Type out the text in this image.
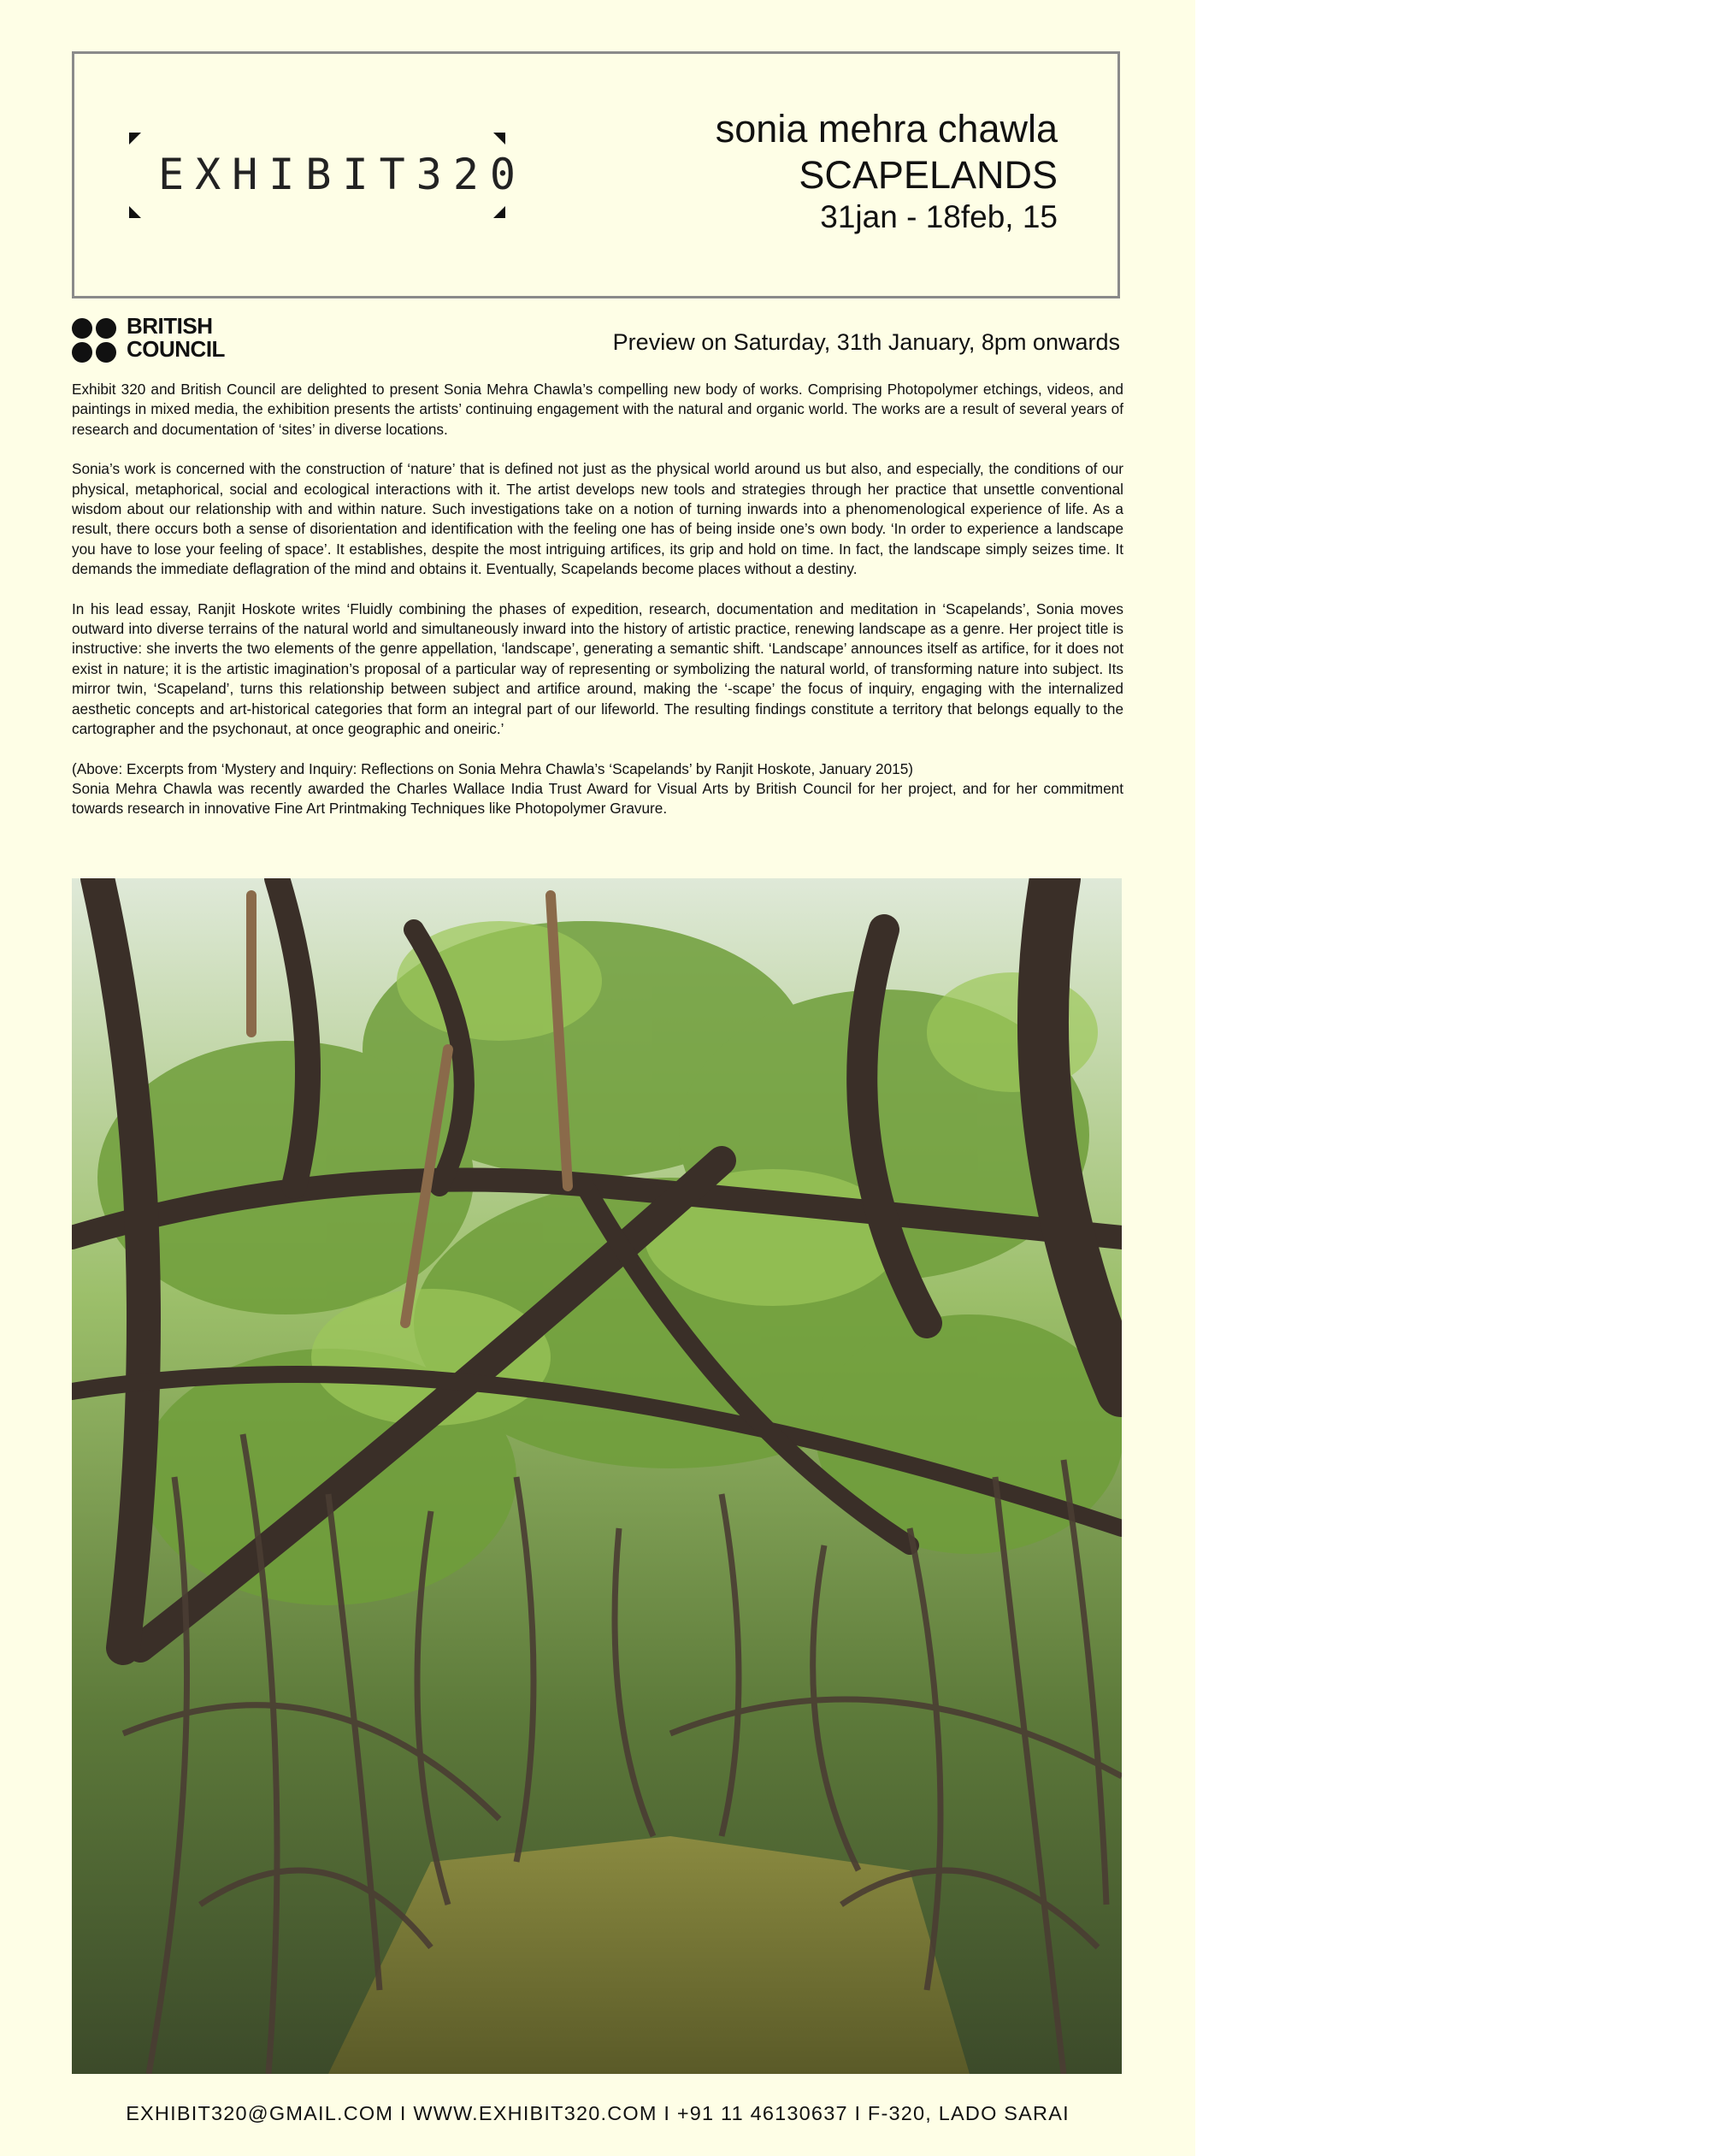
EXHIBIT320
sonia mehra chawla
SCAPELANDS
31jan - 18feb, 15
BRITISH
COUNCIL	Preview on Saturday, 31th January, 8pm onwards

Exhibit 320 and British Council are delighted to present Sonia Mehra Chawla’s compelling new body of works. Comprising Photopolymer etchings, videos, and paintings in mixed media, the exhibition presents the artists’ continuing engagement with the natural and organic world. The works are a result of several years of research and documentation of ‘sites’ in diverse locations.

Sonia’s work is concerned with the construction of ‘nature’ that is defined not just as the physical world around us but also, and especially, the conditions of our physical, metaphorical, social and ecological interactions with it. The artist develops new tools and strategies through her practice that unsettle conventional wisdom about our relationship with and within nature. Such investigations take on a notion of turning inwards into a phenomenological experience of life. As a result, there occurs both a sense of disorientation and identification with the feeling one has of being inside one’s own body. ‘In order to experience a landscape you have to lose your feeling of space’. It establishes, despite the most intriguing artifices, its grip and hold on time. In fact, the landscape simply seizes time. It demands the immediate deflagration of the mind and obtains it. Eventually, Scapelands become places without a destiny.

In his lead essay, Ranjit Hoskote writes ‘Fluidly combining the phases of expedition, research, documentation and meditation in ‘Scapelands’, Sonia moves outward into diverse terrains of the natural world and simultaneously inward into the history of artistic practice, renewing landscape as a genre. Her project title is instructive: she inverts the two elements of the genre appellation, ‘landscape’, generating a semantic shift. ‘Landscape’ announces itself as artifice, for it does not exist in nature; it is the artistic imagination’s proposal of a particular way of representing or symbolizing the natural world, of transforming nature into subject. Its mirror twin, ‘Scapeland’, turns this relationship between subject and artifice around, making the ‘-scape’ the focus of inquiry, engaging with the internalized aesthetic concepts and art-historical categories that form an integral part of our lifeworld. The resulting findings constitute a territory that belongs equally to the cartographer and the psychonaut, at once geographic and oneiric.’

(Above: Excerpts from ‘Mystery and Inquiry: Reflections on Sonia Mehra Chawla’s ‘Scapelands’ by Ranjit Hoskote, January 2015)

Sonia Mehra Chawla was recently awarded the Charles Wallace India Trust Award for Visual Arts by British Council for her project, and for her commitment towards research in innovative Fine Art Printmaking Techniques like Photopolymer Gravure.

EXHIBIT320@GMAIL.COM I WWW.EXHIBIT320.COM I +91 11 46130637 I F-320, LADO SARAI
